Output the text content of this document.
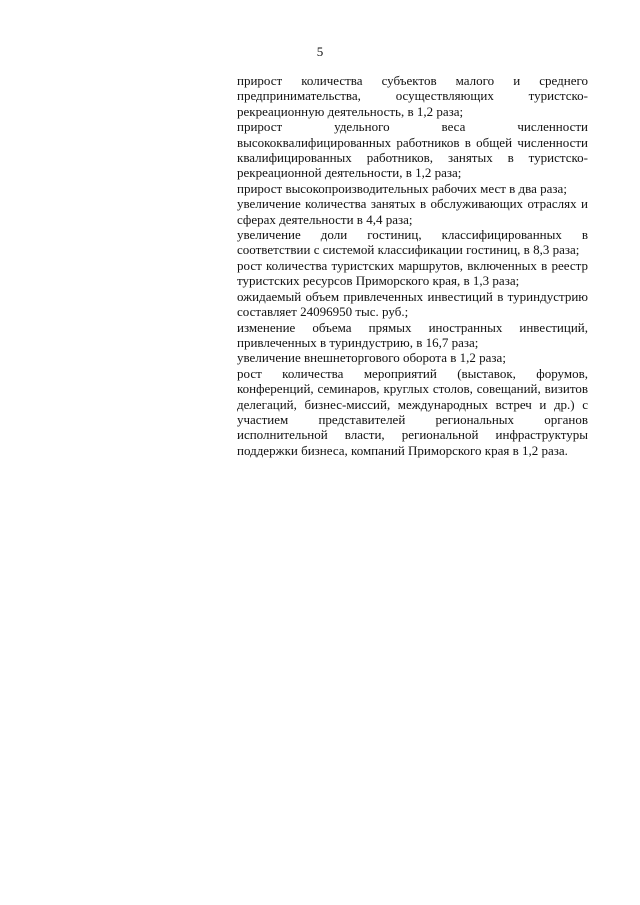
5

прирост количества субъектов малого и среднего предпринимательства, осуществляющих туристско-рекреационную деятельность, в 1,2 раза;

прирост удельного веса численности высококвалифицированных работников в общей численности квалифицированных работников, занятых в туристско-рекреационной деятельности, в 1,2 раза;

прирост высокопроизводительных рабочих мест в два раза;

увеличение количества занятых в обслуживающих отраслях и сферах деятельности в 4,4 раза;

увеличение доли гостиниц, классифицированных в соответствии с системой классификации гостиниц, в 8,3 раза;

рост количества туристских маршрутов, включенных в реестр туристских ресурсов Приморского края, в 1,3 раза;

ожидаемый объем привлеченных инвестиций в туриндустрию составляет 24096950 тыс. руб.;

изменение объема прямых иностранных инвестиций, привлеченных в туриндустрию, в 16,7 раза;

увеличение внешнеторгового оборота в 1,2 раза;

рост количества мероприятий (выставок, форумов, конференций, семинаров, круглых столов, совещаний, визитов делегаций, бизнес-миссий, международных встреч и др.) с участием представителей региональных органов исполнительной власти, региональной инфраструктуры поддержки бизнеса, компаний Приморского края в 1,2 раза.
